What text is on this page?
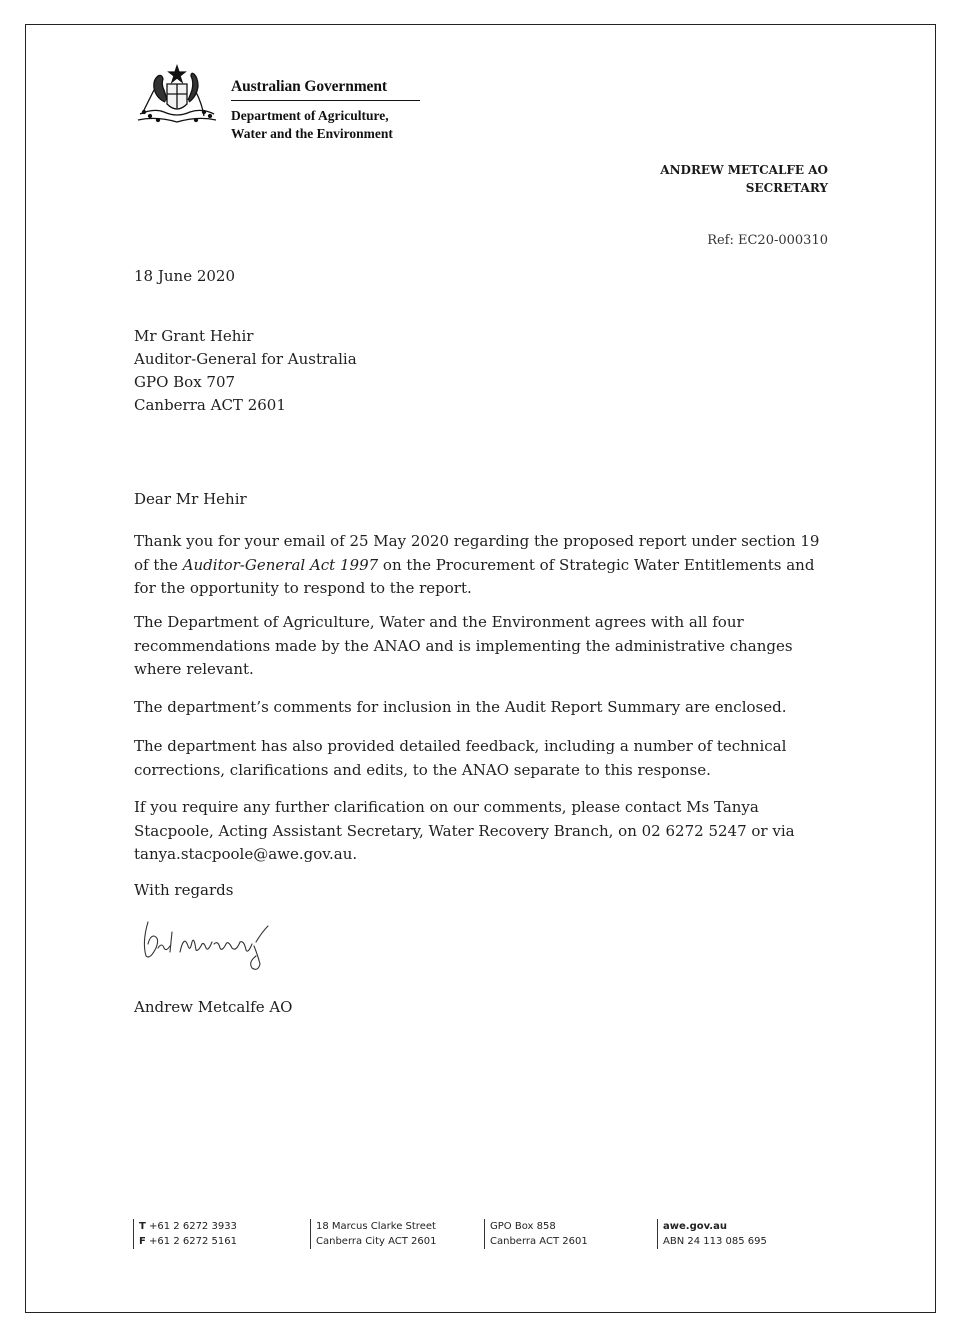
Australian Government
Department of Agriculture,
Water and the Environment
ANDREW METCALFE AO
SECRETARY
Ref: EC20-000310
18 June 2020
Mr Grant Hehir
Auditor-General for Australia
GPO Box 707
Canberra ACT 2601
Dear Mr Hehir
Thank you for your email of 25 May 2020 regarding the proposed report under section 19 of the Auditor-General Act 1997 on the Procurement of Strategic Water Entitlements and for the opportunity to respond to the report.
The Department of Agriculture, Water and the Environment agrees with all four recommendations made by the ANAO and is implementing the administrative changes where relevant.
The department’s comments for inclusion in the Audit Report Summary are enclosed.
The department has also provided detailed feedback, including a number of technical corrections, clarifications and edits, to the ANAO separate to this response.
If you require any further clarification on our comments, please contact Ms Tanya Stacpoole, Acting Assistant Secretary, Water Recovery Branch, on 02 6272 5247 or via tanya.stacpoole@awe.gov.au.
With regards
Andrew Metcalfe AO
T +61 2 6272 3933
F +61 2 6272 5161
18 Marcus Clarke Street
Canberra City ACT 2601
GPO Box 858
Canberra ACT 2601
awe.gov.au
ABN 24 113 085 695
